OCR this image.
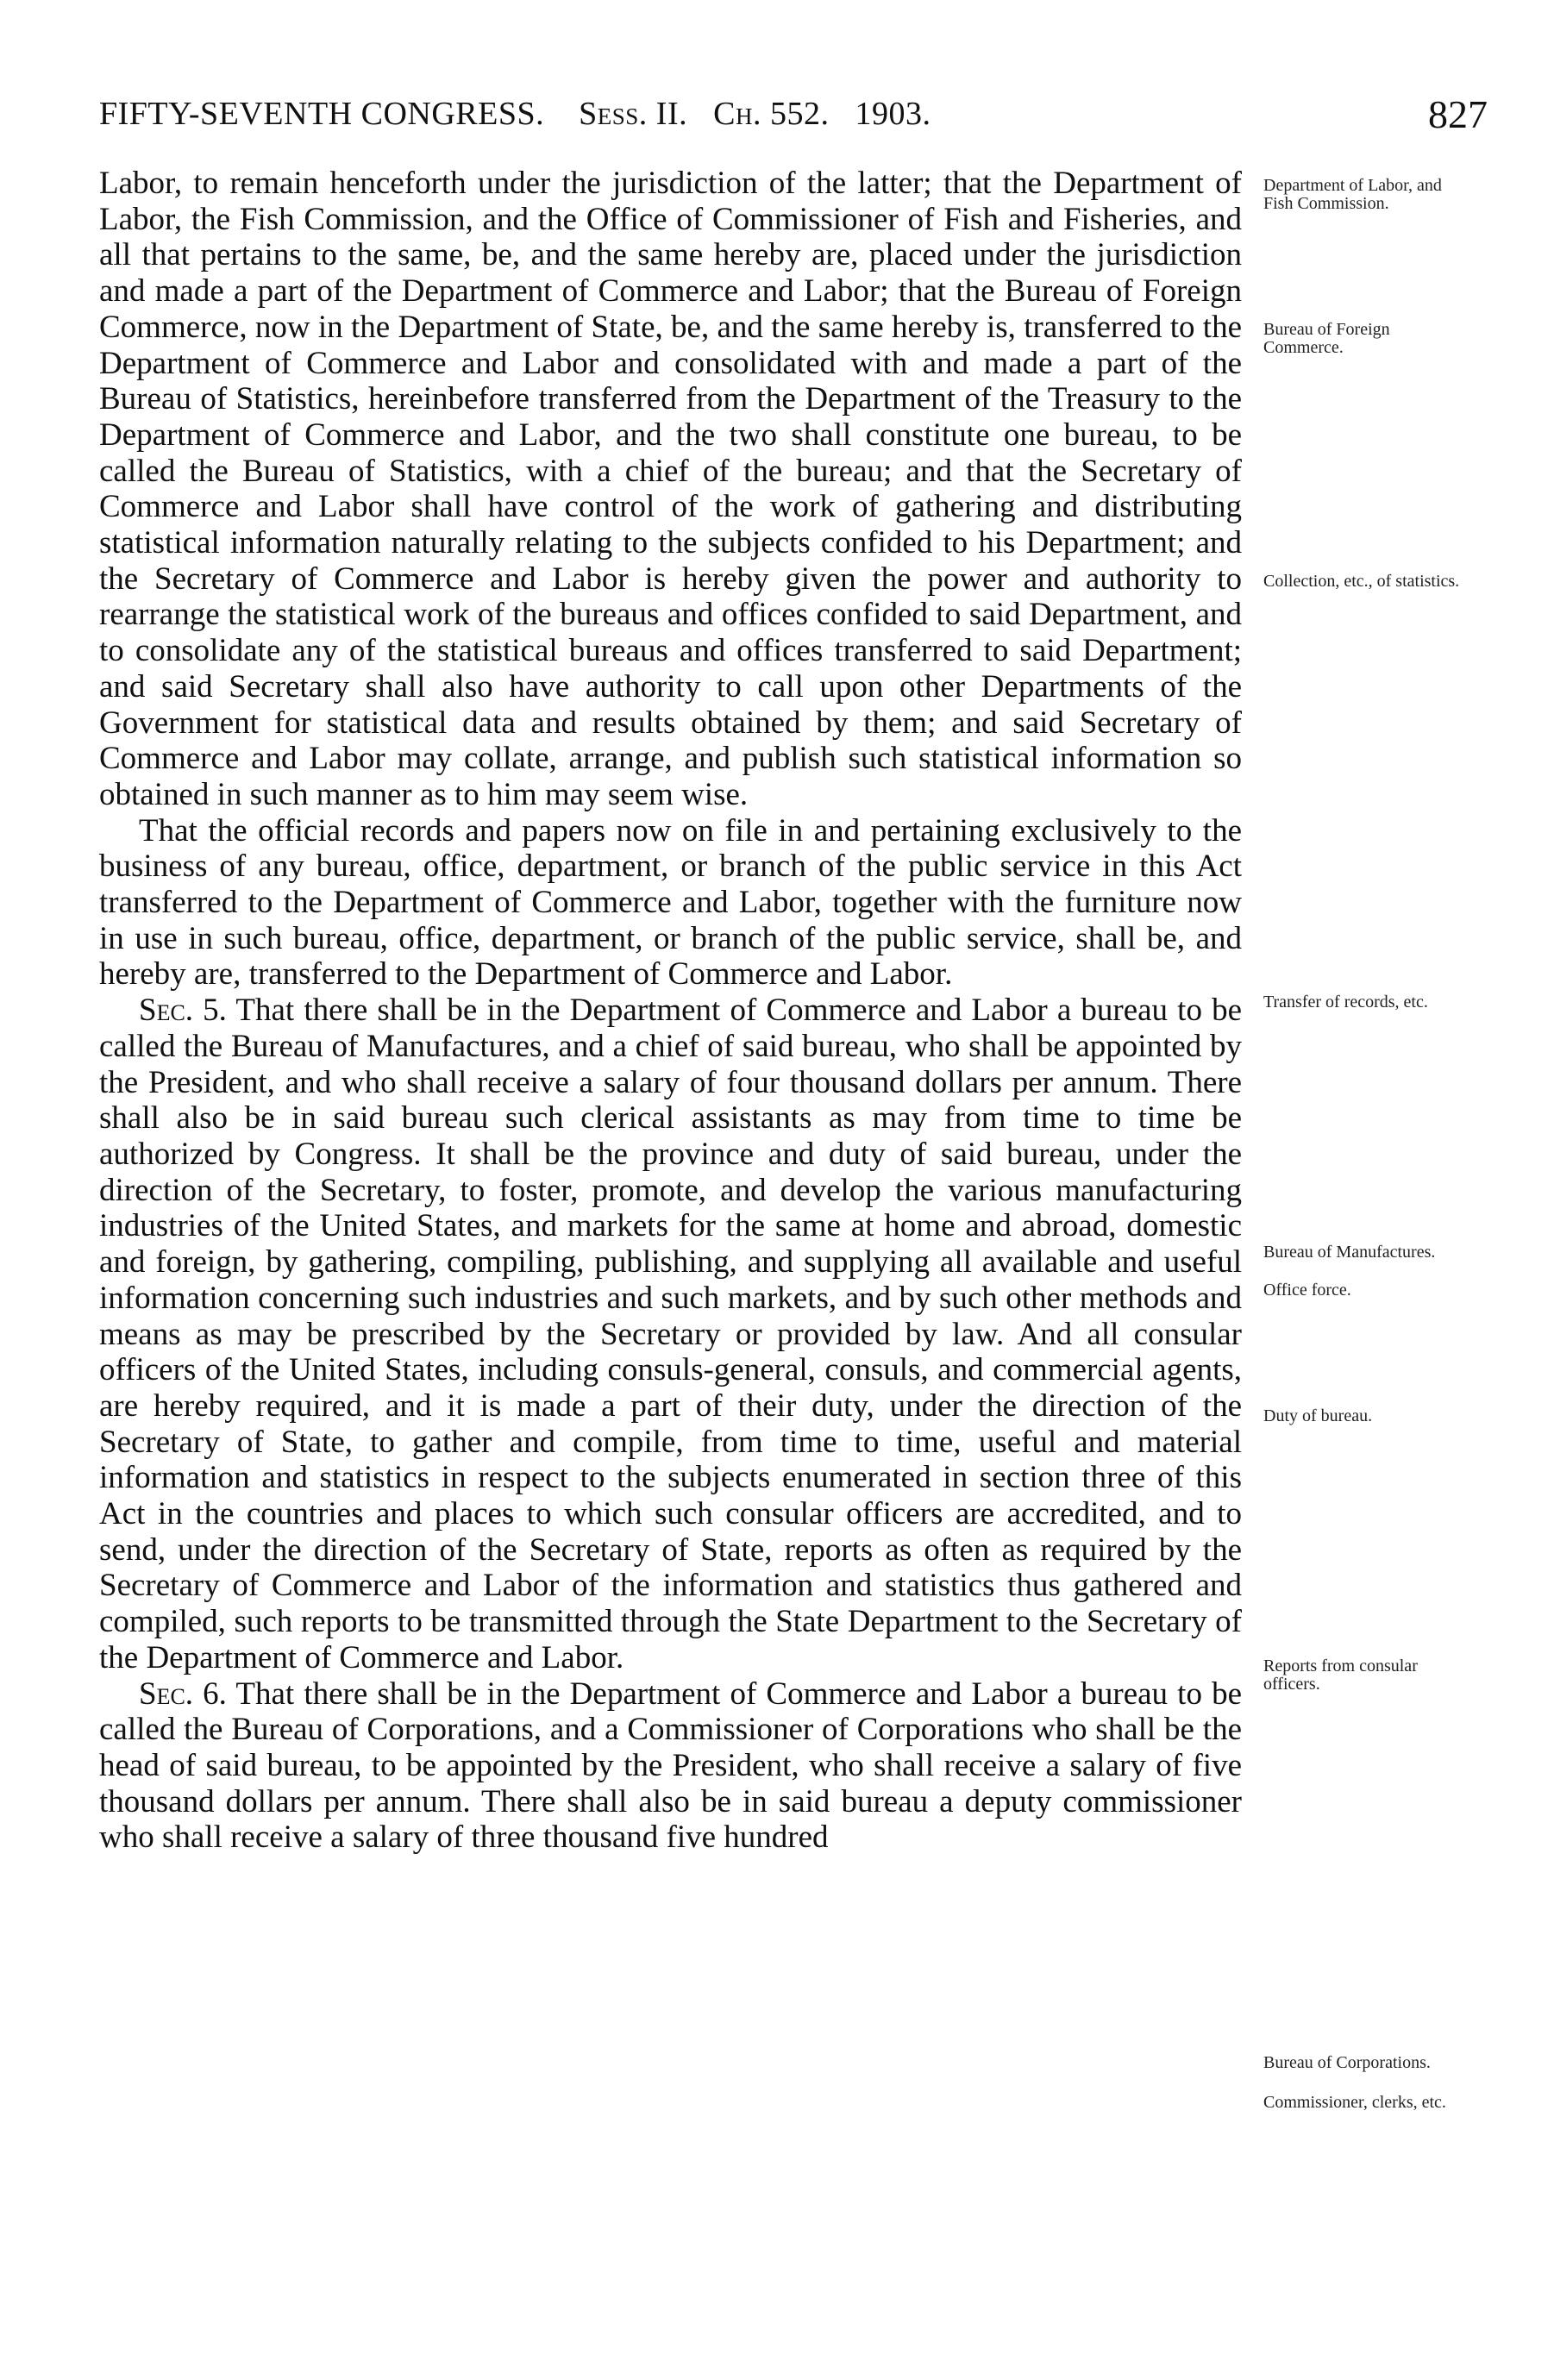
FIFTY-SEVENTH CONGRESS. Sess. II. Ch. 552. 1903.	827

Labor, to remain henceforth under the jurisdiction of the latter; that the Department of Labor, the Fish Commission, and the Office of Commissioner of Fish and Fisheries, and all that pertains to the same, be, and the same hereby are, placed under the jurisdiction and made a part of the Department of Commerce and Labor; that the Bureau of Foreign Commerce, now in the Department of State, be, and the same hereby is, transferred to the Department of Commerce and Labor and consolidated with and made a part of the Bureau of Statistics, hereinbefore transferred from the Department of the Treasury to the Department of Commerce and Labor, and the two shall constitute one bureau, to be called the Bureau of Statistics, with a chief of the bureau; and that the Secretary of Commerce and Labor shall have control of the work of gathering and distributing statistical information naturally relating to the subjects confided to his Department; and the Secretary of Commerce and Labor is hereby given the power and authority to rearrange the statistical work of the bureaus and offices confided to said Department, and to consolidate any of the statistical bureaus and offices transferred to said Department; and said Secretary shall also have authority to call upon other Departments of the Government for statistical data and results obtained by them; and said Secretary of Commerce and Labor may collate, arrange, and publish such statistical information so obtained in such manner as to him may seem wise.

That the official records and papers now on file in and pertaining exclusively to the business of any bureau, office, department, or branch of the public service in this Act transferred to the Department of Commerce and Labor, together with the furniture now in use in such bureau, office, department, or branch of the public service, shall be, and hereby are, transferred to the Department of Commerce and Labor.

Sec. 5. That there shall be in the Department of Commerce and Labor a bureau to be called the Bureau of Manufactures, and a chief of said bureau, who shall be appointed by the President, and who shall receive a salary of four thousand dollars per annum. There shall also be in said bureau such clerical assistants as may from time to time be authorized by Congress. It shall be the province and duty of said bureau, under the direction of the Secretary, to foster, promote, and develop the various manufacturing industries of the United States, and markets for the same at home and abroad, domestic and foreign, by gathering, compiling, publishing, and supplying all available and useful information concerning such industries and such markets, and by such other methods and means as may be prescribed by the Secretary or provided by law. And all consular officers of the United States, including consuls-general, consuls, and commercial agents, are hereby required, and it is made a part of their duty, under the direction of the Secretary of State, to gather and compile, from time to time, useful and material information and statistics in respect to the subjects enumerated in section three of this Act in the countries and places to which such consular officers are accredited, and to send, under the direction of the Secretary of State, reports as often as required by the Secretary of Commerce and Labor of the information and statistics thus gathered and compiled, such reports to be transmitted through the State Department to the Secretary of the Department of Commerce and Labor.

Sec. 6. That there shall be in the Department of Commerce and Labor a bureau to be called the Bureau of Corporations, and a Commissioner of Corporations who shall be the head of said bureau, to be appointed by the President, who shall receive a salary of five thousand dollars per annum. There shall also be in said bureau a deputy commissioner who shall receive a salary of three thousand five hundred

Department of Labor, and Fish Commission.
Bureau of Foreign Commerce.
Collection, etc., of statistics.
Transfer of records, etc.
Bureau of Manufactures.
Office force.
Duty of bureau.
Reports from consular officers.
Bureau of Corporations.
Commissioner, clerks, etc.
